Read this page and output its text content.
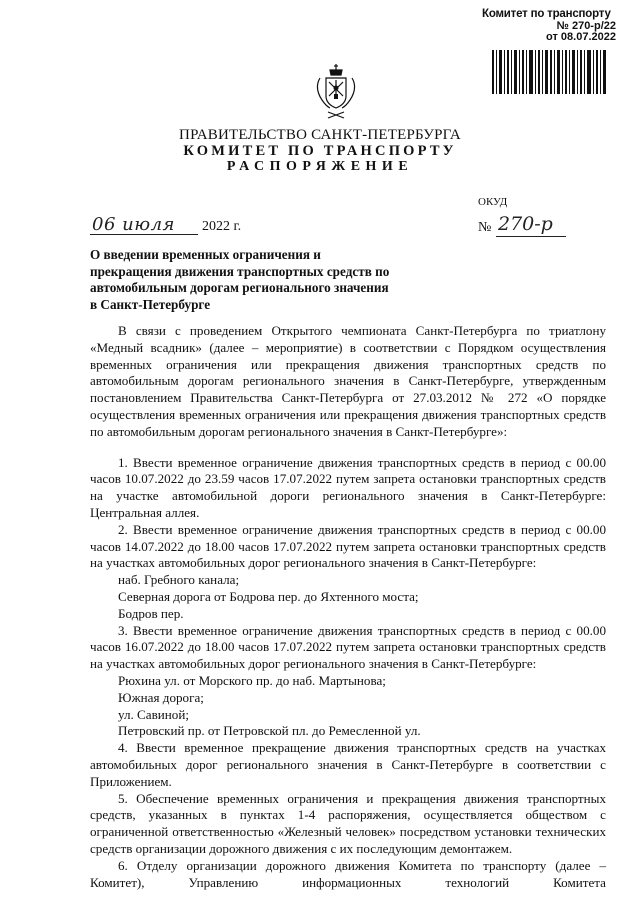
Комитет по транспорту
№ 270-р/22
от 08.07.2022
ПРАВИТЕЛЬСТВО САНКТ-ПЕТЕРБУРГА
КОМИТЕТ ПО ТРАНСПОРТУ
РАСПОРЯЖЕНИЕ
ОКУД
06 июля 2022 г.	№ 270-р
О введении временных ограничения и прекращения движения транспортных средств по автомобильным дорогам регионального значения в Санкт-Петербурге

В связи с проведением Открытого чемпионата Санкт-Петербурга по триатлону «Медный всадник» (далее – мероприятие) в соответствии с Порядком осуществления временных ограничения или прекращения движения транспортных средств по автомобильным дорогам регионального значения в Санкт-Петербурге, утвержденным постановлением Правительства Санкт-Петербурга от 27.03.2012 № 272 «О порядке осуществления временных ограничения или прекращения движения транспортных средств по автомобильным дорогам регионального значения в Санкт-Петербурге»:

1. Ввести временное ограничение движения транспортных средств в период с 00.00 часов 10.07.2022 до 23.59 часов 17.07.2022 путем запрета остановки транспортных средств на участке автомобильной дороги регионального значения в Санкт-Петербурге: Центральная аллея.

2. Ввести временное ограничение движения транспортных средств в период с 00.00 часов 14.07.2022 до 18.00 часов 17.07.2022 путем запрета остановки транспортных средств на участках автомобильных дорог регионального значения в Санкт-Петербурге:

наб. Гребного канала;

Северная дорога от Бодрова пер. до Яхтенного моста;

Бодров пер.

3. Ввести временное ограничение движения транспортных средств в период с 00.00 часов 16.07.2022 до 18.00 часов 17.07.2022 путем запрета остановки транспортных средств на участках автомобильных дорог регионального значения в Санкт-Петербурге:

Рюхина ул. от Морского пр. до наб. Мартынова;

Южная дорога;

ул. Савиной;

Петровский пр. от Петровской пл. до Ремесленной ул.

4. Ввести временное прекращение движения транспортных средств на участках автомобильных дорог регионального значения в Санкт-Петербурге в соответствии с Приложением.

5. Обеспечение временных ограничения и прекращения движения транспортных средств, указанных в пунктах 1-4 распоряжения, осуществляется обществом с ограниченной ответственностью «Железный человек» посредством установки технических средств организации дорожного движения с их последующим демонтажем.

6. Отделу организации дорожного движения Комитета по транспорту (далее – Комитет), Управлению информационных технологий Комитета
